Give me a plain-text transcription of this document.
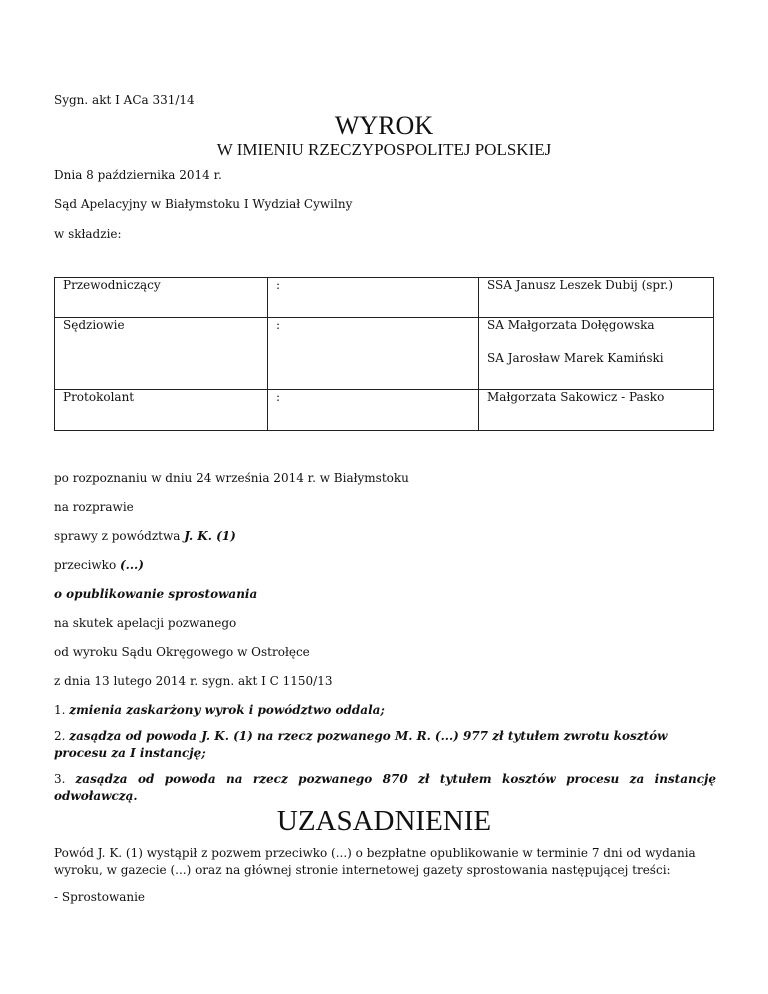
Sygn. akt I ACa 331/14
WYROK
W IMIENIU RZECZYPOSPOLITEJ POLSKIEJ
Dnia 8 października 2014 r.
Sąd Apelacyjny w Białymstoku I Wydział Cywilny
w składzie:
Przewodniczący	:	SSA Janusz Leszek Dubij (spr.)
Sędziowie	:	SA Małgorzata Dołęgowska
SA Jarosław Marek Kamiński

Protokolant	:	Małgorzata Sakowicz - Pasko
po rozpoznaniu w dniu 24 września 2014 r. w Białymstoku
na rozprawie
sprawy z powództwa J. K. (1)
przeciwko (...)
o opublikowanie sprostowania
na skutek apelacji pozwanego
od wyroku Sądu Okręgowego w Ostrołęce
z dnia 13 lutego 2014 r. sygn. akt I C 1150/13
1. zmienia zaskarżony wyrok i powództwo oddala;
2. zasądza od powoda J. K. (1) na rzecz pozwanego M. R. (...) 977 zł tytułem zwrotu kosztów procesu za I instancję;
3. zasądza od powoda na rzecz pozwanego 870 zł tytułem kosztów procesu za instancję odwoławczą.
UZASADNIENIE
Powód J. K. (1) wystąpił z pozwem przeciwko (...) o bezpłatne opublikowanie w terminie 7 dni od wydania wyroku, w gazecie (...) oraz na głównej stronie internetowej gazety sprostowania następującej treści:
- Sprostowanie
